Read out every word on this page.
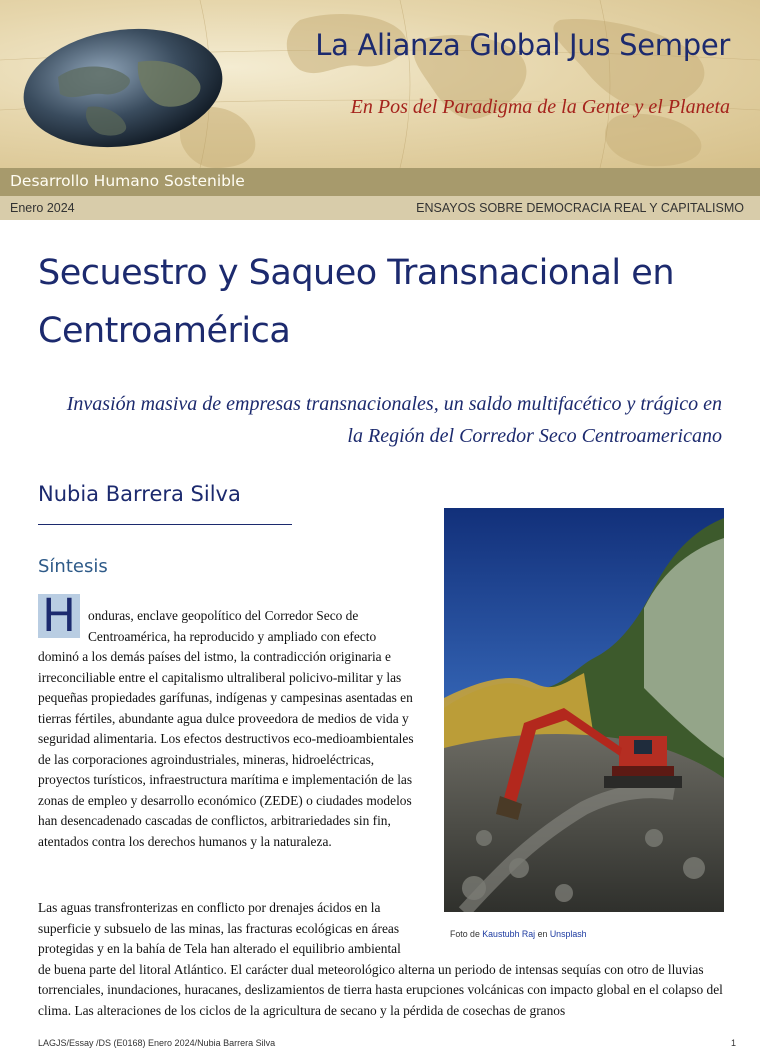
La Alianza Global Jus Semper
En Pos del Paradigma de la Gente y el Planeta
Desarrollo Humano Sostenible
Enero 2024	ENSAYOS SOBRE DEMOCRACIA REAL Y CAPITALISMO
Secuestro y Saqueo Transnacional en
Centroamérica
Invasión masiva de empresas transnacionales, un saldo multifacético y trágico en
la Región del Corredor Seco Centroamericano
Nubia Barrera Silva
Síntesis
H onduras, enclave geopolítico del Corredor Seco de Centroamérica, ha reproducido y ampliado con efecto dominó a los demás países del istmo, la contradicción originaria e irreconciliable entre el capitalismo ultraliberal policivo-militar y las pequeñas propiedades garífunas, indígenas y campesinas asentadas en tierras fértiles, abundante agua dulce proveedora de medios de vida y seguridad alimentaria. Los efectos destructivos eco-medioambientales de las corporaciones agroindustriales, mineras, hidroeléctricas, proyectos turísticos, infraestructura marítima e implementación de las zonas de empleo y desarrollo económico (ZEDE) o ciudades modelos han desencadenado cascadas de conflictos, arbitrariedades sin fin, atentados contra los derechos humanos y la naturaleza.

Foto de Kaustubh Raj en Unsplash

Las aguas transfronterizas en conflicto por drenajes ácidos en la superficie y subsuelo de las minas, las fracturas ecológicas en áreas protegidas y en la bahía de Tela han alterado el equilibrio ambiental de buena parte del litoral Atlántico. El carácter dual meteorológico alterna un periodo de intensas sequías con otro de lluvias torrenciales, inundaciones, huracanes, deslizamientos de tierra hasta erupciones volcánicas con impacto global en el colapso del clima. Las alteraciones de los ciclos de la agricultura de secano y la pérdida de cosechas de granos

LAGJS/Essay /DS (E0168) Enero 2024/Nubia Barrera Silva	1
